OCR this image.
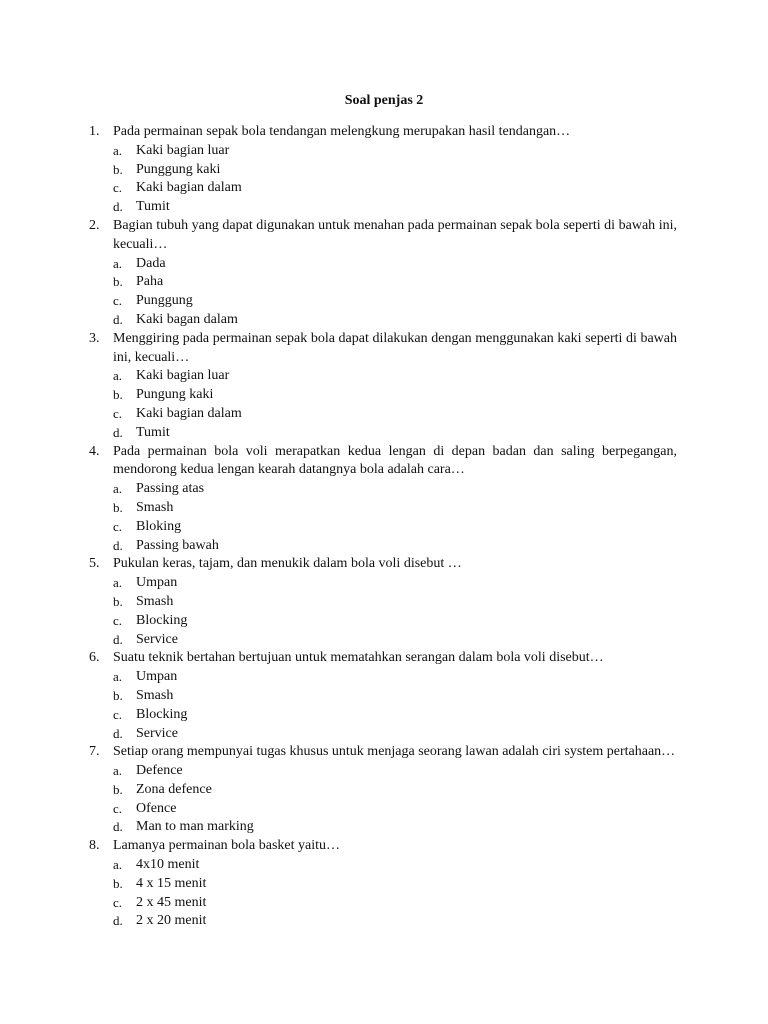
Soal penjas 2
1. Pada permainan sepak bola tendangan melengkung merupakan hasil tendangan…
a. Kaki bagian luar
b. Punggung kaki
c. Kaki bagian dalam
d. Tumit
2. Bagian tubuh yang dapat digunakan untuk menahan pada permainan sepak bola seperti di bawah ini, kecuali…
a. Dada
b. Paha
c. Punggung
d. Kaki bagan dalam
3. Menggiring pada permainan sepak bola dapat dilakukan dengan menggunakan kaki seperti di bawah ini, kecuali…
a. Kaki bagian luar
b. Pungung kaki
c. Kaki bagian dalam
d. Tumit
4. Pada permainan bola voli merapatkan kedua lengan di depan badan dan saling berpegangan, mendorong kedua lengan kearah datangnya bola adalah cara…
a. Passing atas
b. Smash
c. Bloking
d. Passing bawah
5. Pukulan keras, tajam, dan menukik dalam bola voli disebut …
a. Umpan
b. Smash
c. Blocking
d. Service
6. Suatu teknik bertahan bertujuan untuk mematahkan serangan dalam bola voli disebut…
a. Umpan
b. Smash
c. Blocking
d. Service
7. Setiap orang mempunyai tugas khusus untuk menjaga seorang lawan adalah ciri system pertahaan…
a. Defence
b. Zona defence
c. Ofence
d. Man to man marking
8. Lamanya permainan bola basket yaitu…
a. 4x10 menit
b. 4 x 15 menit
c. 2 x 45 menit
d. 2 x 20 menit
